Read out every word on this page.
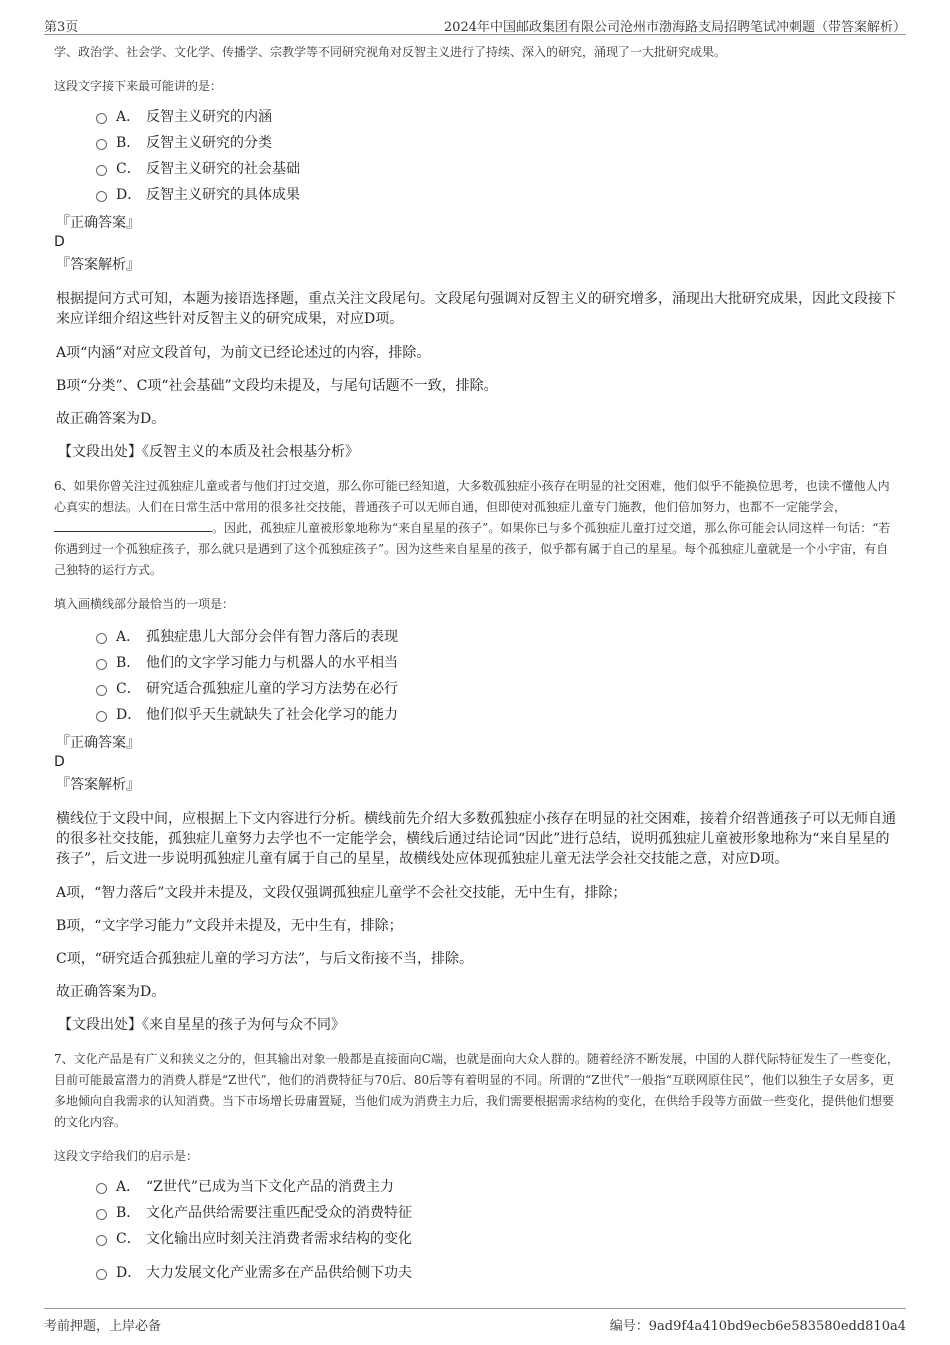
第3页	2024年中国邮政集团有限公司沧州市渤海路支局招聘笔试冲刺题（带答案解析）
学、政治学、社会学、文化学、传播学、宗教学等不同研究视角对反智主义进行了持续、深入的研究，涌现了一大批研究成果。
这段文字接下来最可能讲的是：
A． 反智主义研究的内涵
B． 反智主义研究的分类
C． 反智主义研究的社会基础
D． 反智主义研究的具体成果
『正确答案』
D
『答案解析』
根据提问方式可知，本题为接语选择题，重点关注文段尾句。文段尾句强调对反智主义的研究增多，涌现出大批研究成果，因此文段接下来应详细介绍这些针对反智主义的研究成果，对应D项。
A项“内涵”对应文段首句，为前文已经论述过的内容，排除。
B项“分类”、C项“社会基础”文段均未提及，与尾句话题不一致，排除。
故正确答案为D。
【文段出处】《反智主义的本质及社会根基分析》
6、如果你曾关注过孤独症儿童或者与他们打过交道，那么你可能已经知道，大多数孤独症小孩存在明显的社交困难，他们似乎不能换位思考，也读不懂他人内心真实的想法。人们在日常生活中常用的很多社交技能，普通孩子可以无师自通，但即使对孤独症儿童专门施教，他们倍加努力，也都不一定能学会，。因此，孤独症儿童被形象地称为“来自星星的孩子”。如果你已与多个孤独症儿童打过交道，那么你可能会认同这样一句话：“若你遇到过一个孤独症孩子，那么就只是遇到了这个孤独症孩子”。因为这些来自星星的孩子，似乎都有属于自己的星星。每个孤独症儿童就是一个小宇宙，有自己独特的运行方式。
填入画横线部分最恰当的一项是：
A． 孤独症患儿大部分会伴有智力落后的表现
B． 他们的文字学习能力与机器人的水平相当
C． 研究适合孤独症儿童的学习方法势在必行
D． 他们似乎天生就缺失了社会化学习的能力
『正确答案』
D
『答案解析』
横线位于文段中间，应根据上下文内容进行分析。横线前先介绍大多数孤独症小孩存在明显的社交困难，接着介绍普通孩子可以无师自通的很多社交技能，孤独症儿童努力去学也不一定能学会，横线后通过结论词“因此”进行总结，说明孤独症儿童被形象地称为“来自星星的孩子”，后文进一步说明孤独症儿童有属于自己的星星，故横线处应体现孤独症儿童无法学会社交技能之意，对应D项。
A项，“智力落后”文段并未提及，文段仅强调孤独症儿童学不会社交技能，无中生有，排除；
B项，“文字学习能力”文段并未提及，无中生有，排除；
C项，“研究适合孤独症儿童的学习方法”，与后文衔接不当，排除。
故正确答案为D。
【文段出处】《来自星星的孩子为何与众不同》
7、文化产品是有广义和狭义之分的，但其输出对象一般都是直接面向C端，也就是面向大众人群的。随着经济不断发展，中国的人群代际特征发生了一些变化，目前可能最富潜力的消费人群是“Z世代”，他们的消费特征与70后、80后等有着明显的不同。所谓的“Z世代”一般指“互联网原住民”，他们以独生子女居多，更多地倾向自我需求的认知消费。当下市场增长毋庸置疑，当他们成为消费主力后，我们需要根据需求结构的变化，在供给手段等方面做一些变化，提供他们想要的文化内容。
这段文字给我们的启示是：
A． “Z世代”已成为当下文化产品的消费主力
B． 文化产品供给需要注重匹配受众的消费特征
C． 文化输出应时刻关注消费者需求结构的变化
D． 大力发展文化产业需多在产品供给侧下功夫
考前押题，上岸必备	编号：9ad9f4a410bd9ecb6e583580edd810a4
